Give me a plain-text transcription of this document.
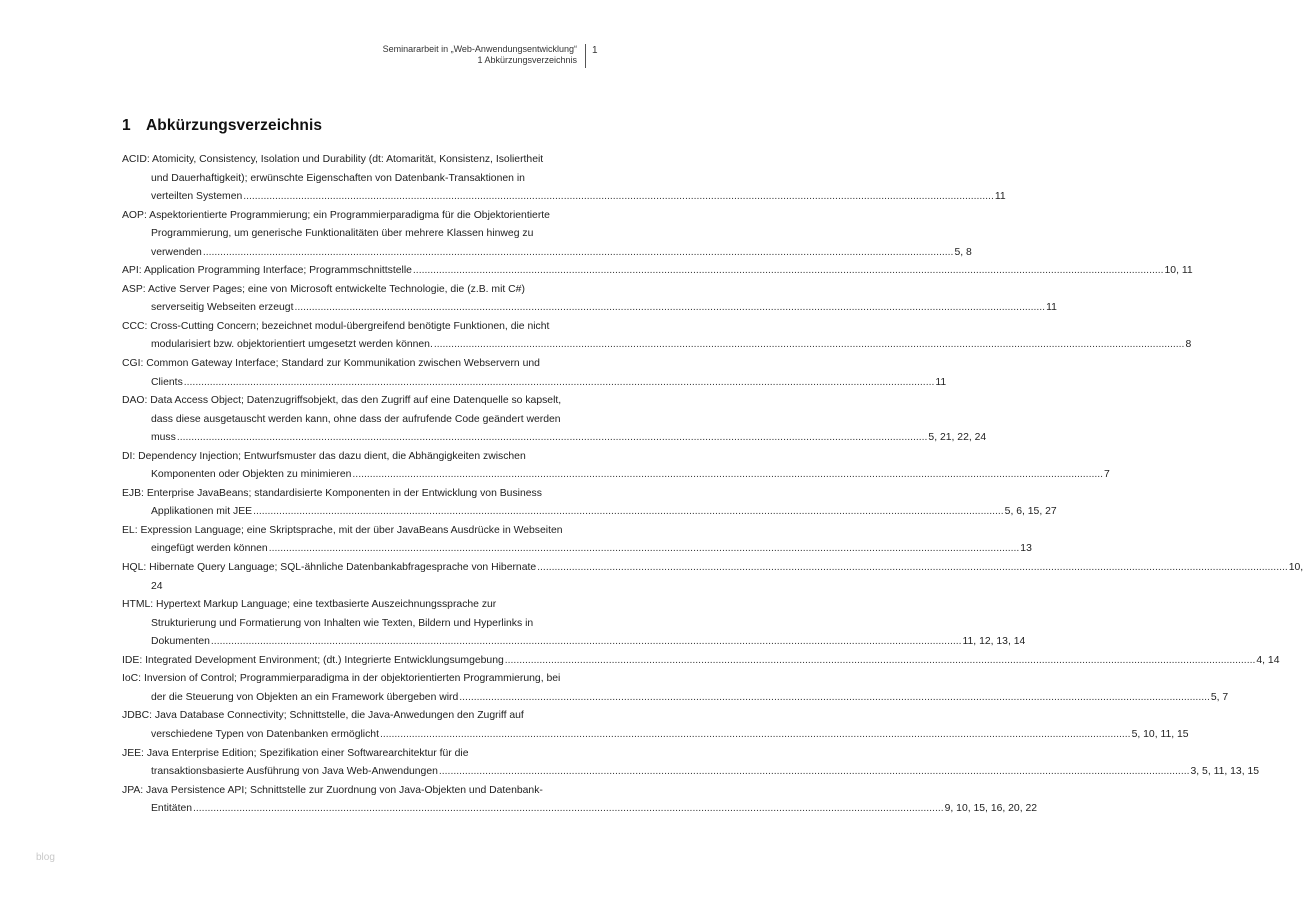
Seminararbeit in „Web-Anwendungsentwicklung“
1 Abkürzungsverzeichnis
1
1 Abkürzungsverzeichnis
ACID: Atomicity, Consistency, Isolation und Durability (dt: Atomarität, Konsistenz, Isoliertheit
und Dauerhaftigkeit); erwünschte Eigenschaften von Datenbank-Transaktionen in
verteilten Systemen .................................................................................................................................................................................................................................................................... 11
AOP: Aspektorientierte Programmierung; ein Programmierparadigma für die Objektorientierte
Programmierung, um generische Funktionalitäten über mehrere Klassen hinweg zu
verwenden .................................................................................................................................................................................................................................................................... 5, 8
API: Application Programming Interface; Programmschnittstelle .................................................................................................................................................................................................................................................................... 10, 11
ASP: Active Server Pages; eine von Microsoft entwickelte Technologie, die (z.B. mit C#)
serverseitig Webseiten erzeugt .................................................................................................................................................................................................................................................................... 11
CCC: Cross-Cutting Concern; bezeichnet modul-übergreifend benötigte Funktionen, die nicht
modularisiert bzw. objektorientiert umgesetzt werden können. .................................................................................................................................................................................................................................................................... 8
CGI: Common Gateway Interface; Standard zur Kommunikation zwischen Webservern und
Clients .................................................................................................................................................................................................................................................................... 11
DAO: Data Access Object; Datenzugriffsobjekt, das den Zugriff auf eine Datenquelle so kapselt,
dass diese ausgetauscht werden kann, ohne dass der aufrufende Code geändert werden
muss .................................................................................................................................................................................................................................................................... 5, 21, 22, 24
DI: Dependency Injection; Entwurfsmuster das dazu dient, die Abhängigkeiten zwischen
Komponenten oder Objekten zu minimieren .................................................................................................................................................................................................................................................................... 7
EJB: Enterprise JavaBeans; standardisierte Komponenten in der Entwicklung von Business
Applikationen mit JEE .................................................................................................................................................................................................................................................................... 5, 6, 15, 27
EL: Expression Language; eine Skriptsprache, mit der über JavaBeans Ausdrücke in Webseiten
eingefügt werden können .................................................................................................................................................................................................................................................................... 13
HQL: Hibernate Query Language; SQL-ähnliche Datenbankabfragesprache von Hibernate .................................................................................................................................................................................................................................................................... 10,
24
HTML: Hypertext Markup Language; eine textbasierte Auszeichnungssprache zur
Strukturierung und Formatierung von Inhalten wie Texten, Bildern und Hyperlinks in
Dokumenten .................................................................................................................................................................................................................................................................... 11, 12, 13, 14
IDE: Integrated Development Environment; (dt.) Integrierte Entwicklungsumgebung .................................................................................................................................................................................................................................................................... 4, 14
IoC: Inversion of Control; Programmierparadigma in der objektorientierten Programmierung, bei
der die Steuerung von Objekten an ein Framework übergeben wird .................................................................................................................................................................................................................................................................... 5, 7
JDBC: Java Database Connectivity; Schnittstelle, die Java-Anwedungen den Zugriff auf
verschiedene Typen von Datenbanken ermöglicht .................................................................................................................................................................................................................................................................... 5, 10, 11, 15
JEE: Java Enterprise Edition; Spezifikation einer Softwarearchitektur für die
transaktionsbasierte Ausführung von Java Web-Anwendungen .................................................................................................................................................................................................................................................................... 3, 5, 11, 13, 15
JPA: Java Persistence API; Schnittstelle zur Zuordnung von Java-Objekten und Datenbank-
Entitäten .................................................................................................................................................................................................................................................................... 9, 10, 15, 16, 20, 22
blog
